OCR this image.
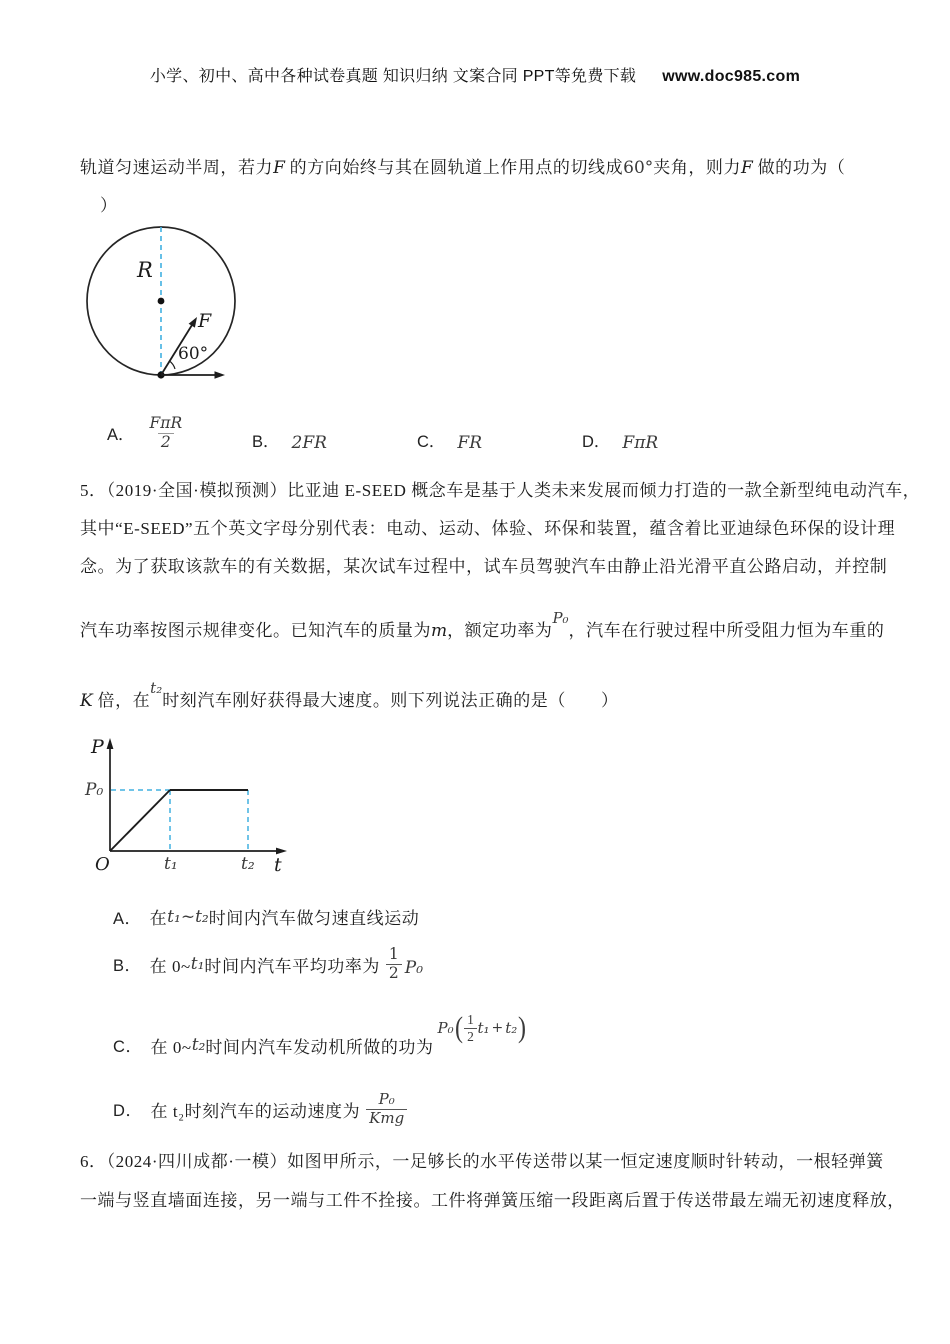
小学、初中、高中各种试卷真题 知识归纳 文案合同 PPT等免费下载 www.doc985.com
轨道匀速运动半周，若力F 的方向始终与其在圆轨道上作用点的切线成60°夹角，则力F 做的功为（
）
R
F
60°
A． $\frac{\text{FπR}}{2}$	B． 2FR	C． FR	D． FπR
5．（2019·全国·模拟预测）比亚迪 E-SEED 概念车是基于人类未来发展而倾力打造的一款全新型纯电动汽车，
其中“E-SEED”五个英文字母分别代表：电动、运动、体验、环保和装置，蕴含着比亚迪绿色环保的设计理
念。为了获取该款车的有关数据，某次试车过程中，试车员驾驶汽车由静止沿光滑平直公路启动，并控制
汽车功率按图示规律变化。已知汽车的质量为m，额定功率为P₀，汽车在行驶过程中所受阻力恒为车重的
K 倍，在t₂时刻汽车刚好获得最大速度。则下列说法正确的是（　　）
P
P₀
O	t₁	t₂ t
A． 在 t₁~t₂ 时间内汽车做匀速直线运动
B． 在 0~ t₁ 时间内汽车平均功率为 $\frac{1}{2} P_0$
C． 在 0~ t₂ 时间内汽车发动机所做的功为
P₀ ( $\frac{1}{2} t_1 + t_2$ )
D． 在 t₂时刻汽车的运动速度为 $\frac{\text{P₀}}{\text{Kmg}}$
6．（2024·四川成都·一模）如图甲所示，一足够长的水平传送带以某一恒定速度顺时针转动，一根轻弹簧
一端与竖直墙面连接，另一端与工件不拴接。工件将弹簧压缩一段距离后置于传送带最左端无初速度释放，
